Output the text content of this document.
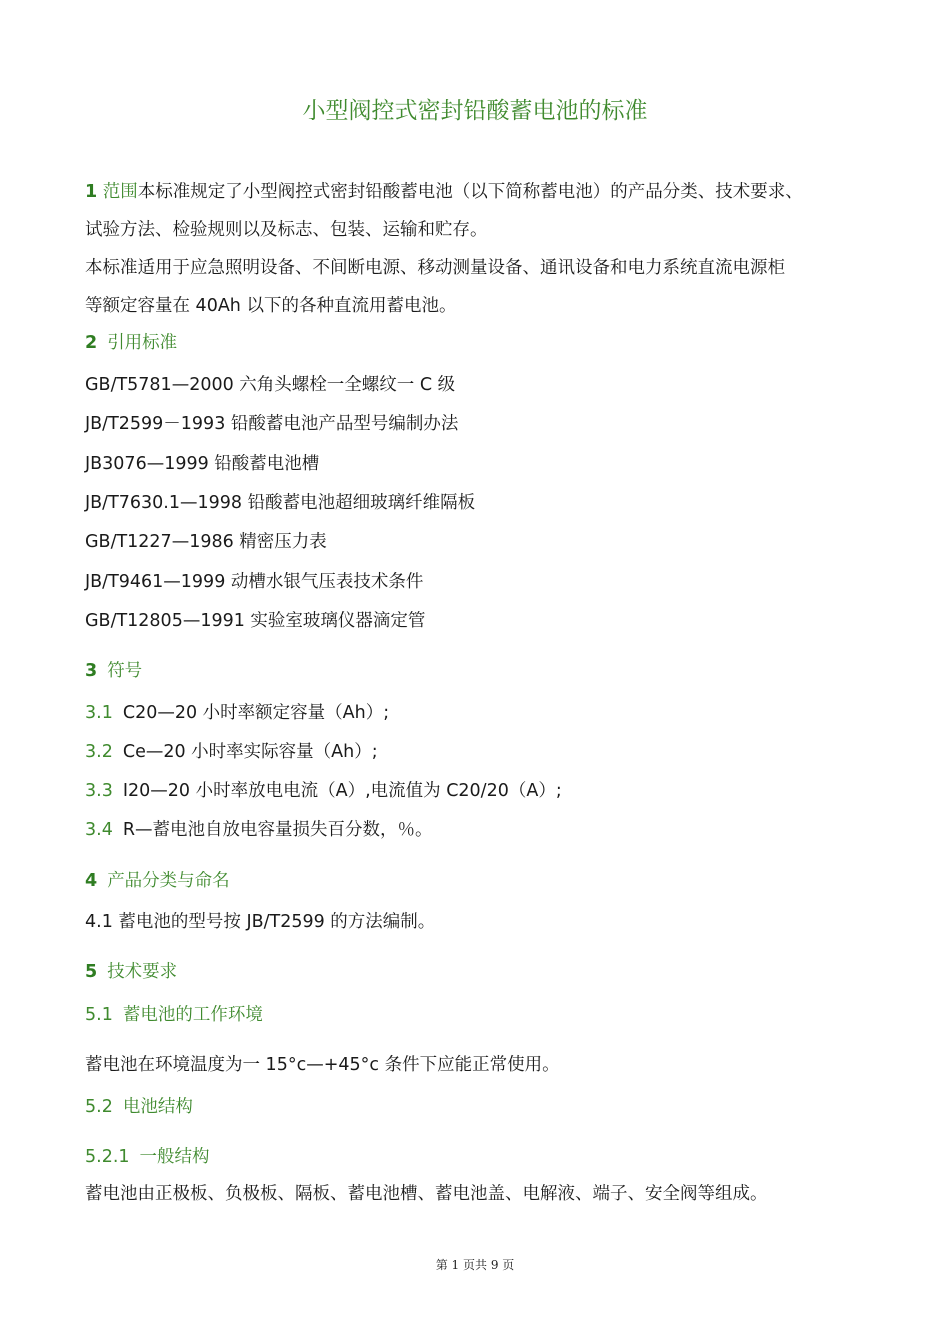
小型阀控式密封铅酸蓄电池的标准
1 范围本标准规定了小型阀控式密封铅酸蓄电池（以下简称蓄电池）的产品分类、技术要求、
试验方法、检验规则以及标志、包装、运输和贮存。
本标准适用于应急照明设备、不间断电源、移动测量设备、通讯设备和电力系统直流电源柜
等额定容量在 40Ah 以下的各种直流用蓄电池。
2 引用标准
GB/T5781—2000 六角头螺栓一全螺纹一 C 级
JB/T2599－1993 铅酸蓄电池产品型号编制办法
JB3076—1999 铅酸蓄电池槽
JB/T7630.1—1998 铅酸蓄电池超细玻璃纤维隔板
GB/T1227—1986 精密压力表
JB/T9461—1999 动槽水银气压表技术条件
GB/T12805—1991 实验室玻璃仪器滴定管
3 符号
3.1 C20—20 小时率额定容量（Ah）;
3.2 Ce—20 小时率实际容量（Ah）;
3.3 I20—20 小时率放电电流（A）,电流值为 C20/20（A）;
3.4 R—蓄电池自放电容量损失百分数，％。
4 产品分类与命名
4.1 蓄电池的型号按 JB/T2599 的方法编制。
5 技术要求
5.1 蓄电池的工作环境
蓄电池在环境温度为一 15°c—+45°c 条件下应能正常使用。
5.2 电池结构
5.2.1 一般结构
蓄电池由正极板、负极板、隔板、蓄电池槽、蓄电池盖、电解液、端子、安全阀等组成。
第 1 页共 9 页
